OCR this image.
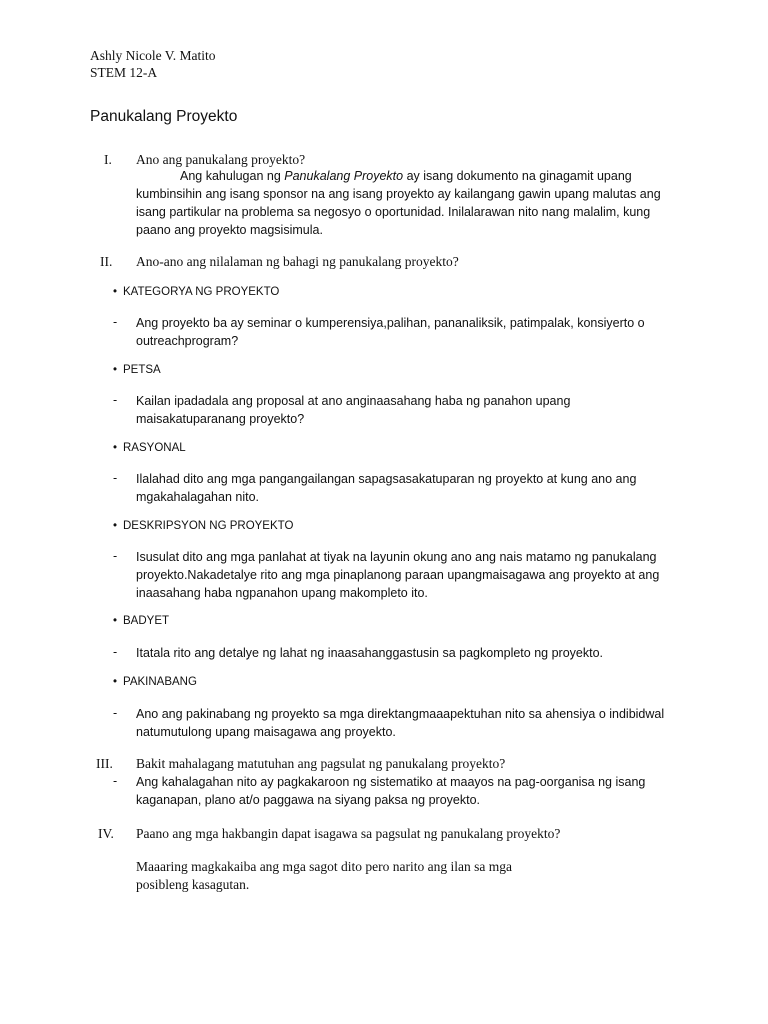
Ashly Nicole V. Matito
STEM 12-A
Panukalang Proyekto
I. Ano ang panukalang proyekto?
Ang kahulugan ng Panukalang Proyekto ay isang dokumento na ginagamit upang
kumbinsihin ang isang sponsor na ang isang proyekto ay kailangang gawin upang malutas ang
isang partikular na problema sa negosyo o oportunidad. Inilalarawan nito nang malalim, kung
paano ang proyekto magsisimula.
II. Ano-ano ang nilalaman ng bahagi ng panukalang proyekto?
• KATEGORYA NG PROYEKTO
- Ang proyekto ba ay seminar o kumperensiya,palihan, pananaliksik, patimpalak, konsiyerto o
outreachprogram?
• PETSA
- Kailan ipadadala ang proposal at ano anginaasahang haba ng panahon upang
maisakatuparanang proyekto?
• RASYONAL
- Ilalahad dito ang mga pangangailangan sapagsasakatuparan ng proyekto at kung ano ang
mgakahalagahan nito.
• DESKRIPSYON NG PROYEKTO
- Isusulat dito ang mga panlahat at tiyak na layunin okung ano ang nais matamo ng panukalang
proyekto.Nakadetalye rito ang mga pinaplanong paraan upangmaisagawa ang proyekto at ang
inaasahang haba ngpanahon upang makompleto ito.
• BADYET
- Itatala rito ang detalye ng lahat ng inaasahanggastusin sa pagkompleto ng proyekto.
• PAKINABANG
- Ano ang pakinabang ng proyekto sa mga direktangmaaapektuhan nito sa ahensiya o indibidwal
natumutulong upang maisagawa ang proyekto.
III. Bakit mahalagang matutuhan ang pagsulat ng panukalang proyekto?
- Ang kahalagahan nito ay pagkakaroon ng sistematiko at maayos na pag-oorganisa ng isang
kaganapan, plano at/o paggawa na siyang paksa ng proyekto.
IV. Paano ang mga hakbangin dapat isagawa sa pagsulat ng panukalang proyekto?
Maaaring magkakaiba ang mga sagot dito pero narito ang ilan sa mga
posibleng kasagutan.
